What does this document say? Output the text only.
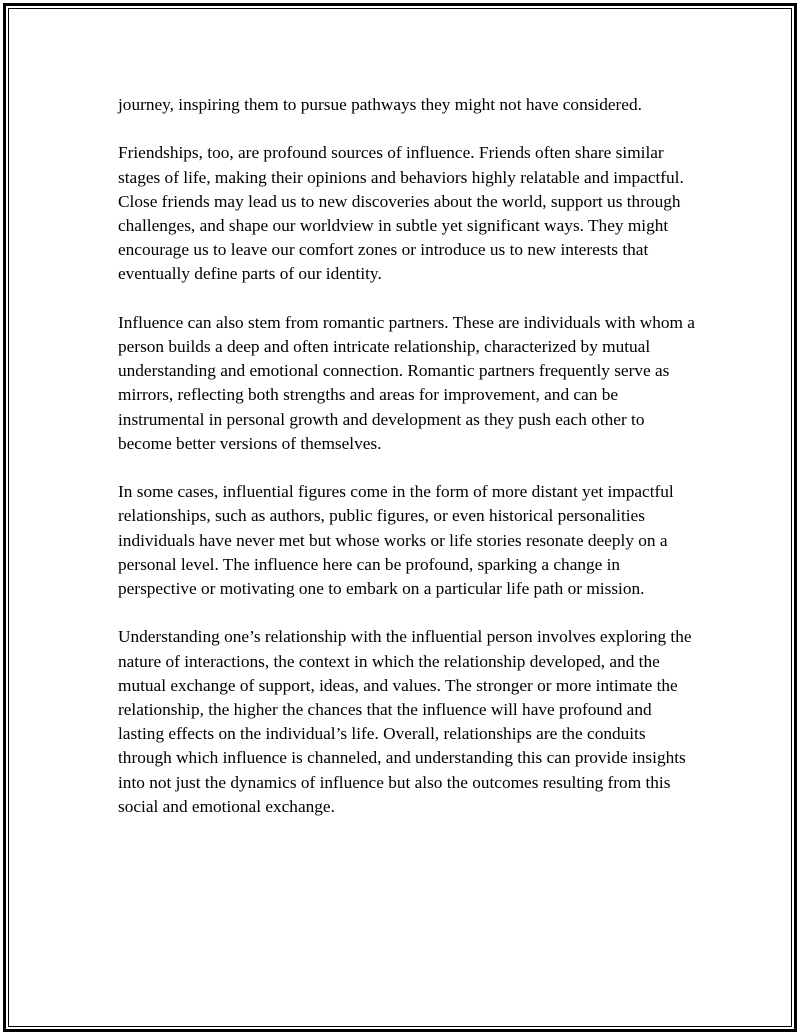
journey, inspiring them to pursue pathways they might not have considered.

Friendships, too, are profound sources of influence. Friends often share similar stages of life, making their opinions and behaviors highly relatable and impactful. Close friends may lead us to new discoveries about the world, support us through challenges, and shape our worldview in subtle yet significant ways. They might encourage us to leave our comfort zones or introduce us to new interests that eventually define parts of our identity.

Influence can also stem from romantic partners. These are individuals with whom a person builds a deep and often intricate relationship, characterized by mutual understanding and emotional connection. Romantic partners frequently serve as mirrors, reflecting both strengths and areas for improvement, and can be instrumental in personal growth and development as they push each other to become better versions of themselves.

In some cases, influential figures come in the form of more distant yet impactful relationships, such as authors, public figures, or even historical personalities individuals have never met but whose works or life stories resonate deeply on a personal level. The influence here can be profound, sparking a change in perspective or motivating one to embark on a particular life path or mission.

Understanding one’s relationship with the influential person involves exploring the nature of interactions, the context in which the relationship developed, and the mutual exchange of support, ideas, and values. The stronger or more intimate the relationship, the higher the chances that the influence will have profound and lasting effects on the individual’s life. Overall, relationships are the conduits through which influence is channeled, and understanding this can provide insights into not just the dynamics of influence but also the outcomes resulting from this social and emotional exchange.
